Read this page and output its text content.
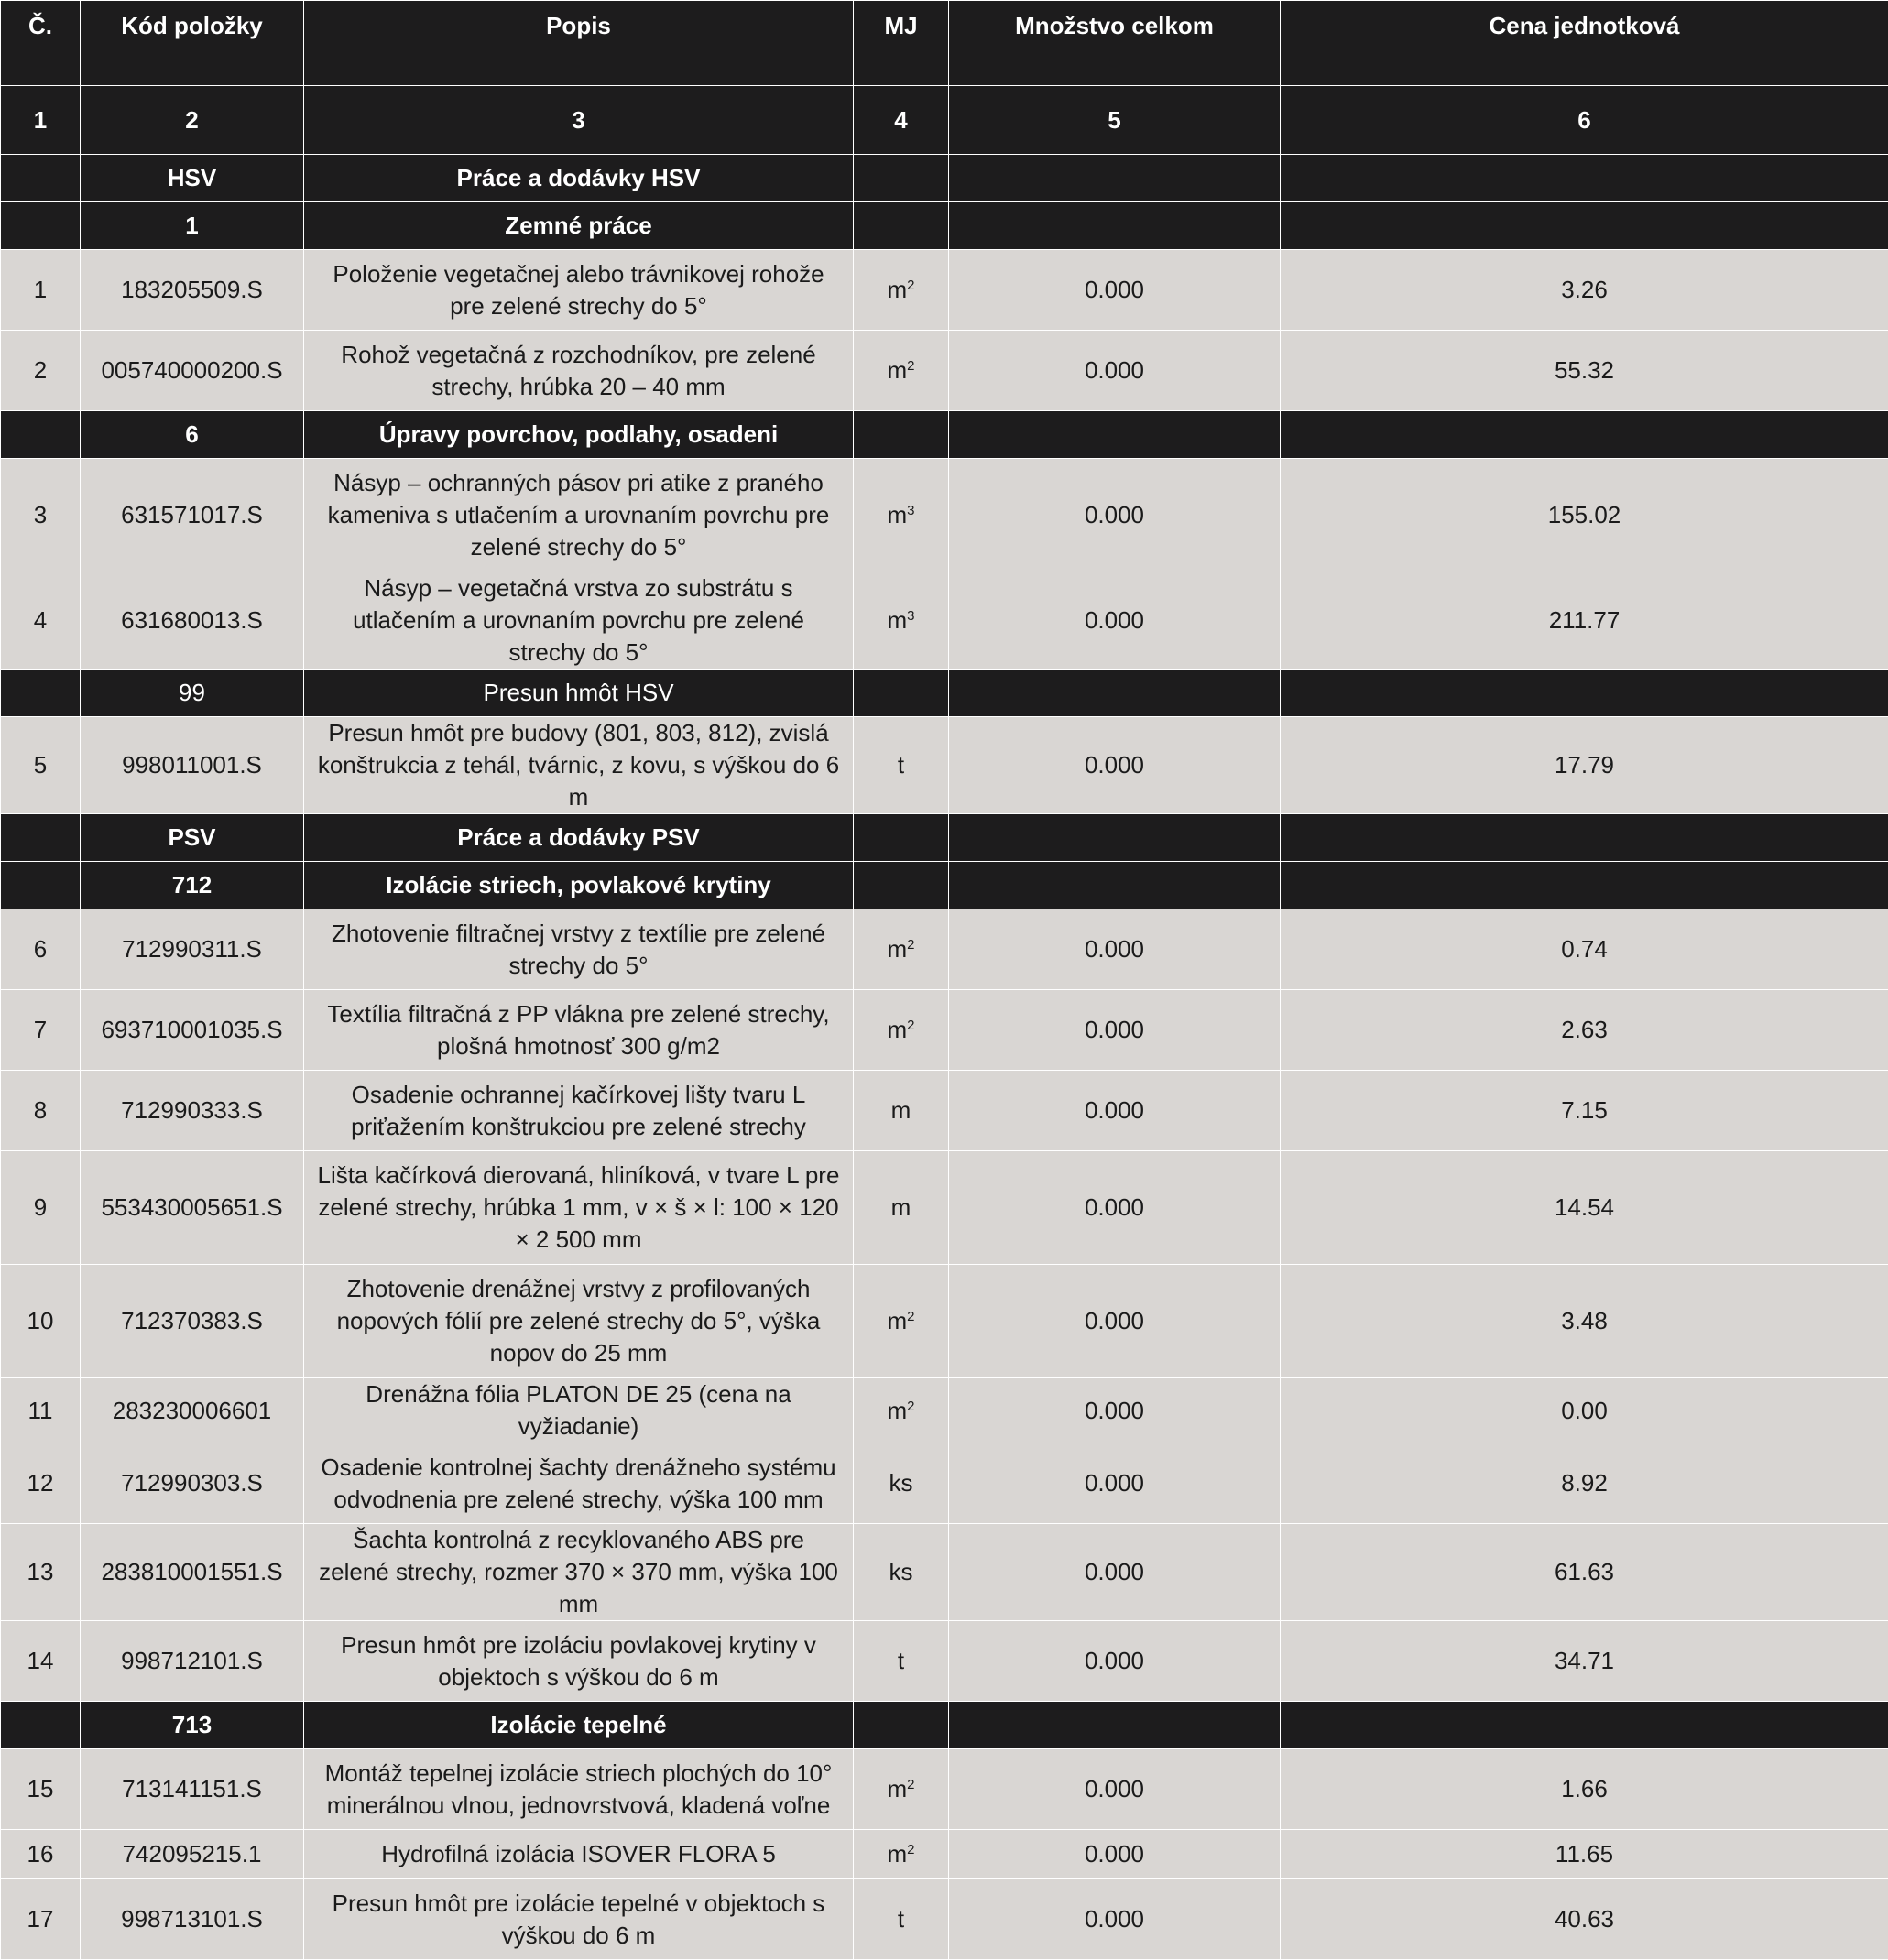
Č.	Kód položky	Popis	MJ	Množstvo celkom	Cena jednotková
1	2	3	4	5	6
	HSV	Práce a dodávky HSV			
	1	Zemné práce			
1	183205509.S	Položenie vegetačnej alebo trávnikovej rohože pre zelené strechy do 5°	$m^2$	0.000	3.26
2	005740000200.S	Rohož vegetačná z rozchodníkov, pre zelené strechy, hrúbka 20 – 40 mm	$m^2$	0.000	55.32
	6	Úpravy povrchov, podlahy, osadeni			
3	631571017.S	Násyp – ochranných pásov pri atike z praného kameniva s utlačením a urovnaním povrchu pre zelené strechy do 5°	$m^3$	0.000	155.02
4	631680013.S	Násyp – vegetačná vrstva zo substrátu s utlačením a urovnaním povrchu pre zelené strechy do 5°	$m^3$	0.000	211.77
	99	Presun hmôt HSV			
5	998011001.S	Presun hmôt pre budovy (801, 803, 812), zvislá konštrukcia z tehál, tvárnic, z kovu, s výškou do 6 m	t	0.000	17.79
	PSV	Práce a dodávky PSV			
	712	Izolácie striech, povlakové krytiny			
6	712990311.S	Zhotovenie filtračnej vrstvy z textílie pre zelené strechy do 5°	$m^2$	0.000	0.74
7	693710001035.S	Textília filtračná z PP vlákna pre zelené strechy, plošná hmotnosť 300 g/m2	$m^2$	0.000	2.63
8	712990333.S	Osadenie ochrannej kačírkovej lišty tvaru L priťažením konštrukciou pre zelené strechy	m	0.000	7.15
9	553430005651.S	Lišta kačírková dierovaná, hliníková, v tvare L pre zelené strechy, hrúbka 1 mm, v × š × l: 100 × 120 × 2 500 mm	m	0.000	14.54
10	712370383.S	Zhotovenie drenážnej vrstvy z profilovaných nopových fólií pre zelené strechy do 5°, výška nopov do 25 mm	$m^2$	0.000	3.48
11	283230006601	Drenážna fólia PLATON DE 25 (cena na vyžiadanie)	$m^2$	0.000	0.00
12	712990303.S	Osadenie kontrolnej šachty drenážneho systému odvodnenia pre zelené strechy, výška 100 mm	ks	0.000	8.92
13	283810001551.S	Šachta kontrolná z recyklovaného ABS pre zelené strechy, rozmer 370 × 370 mm, výška 100 mm	ks	0.000	61.63
14	998712101.S	Presun hmôt pre izoláciu povlakovej krytiny v objektoch s výškou do 6 m	t	0.000	34.71
	713	Izolácie tepelné			
15	713141151.S	Montáž tepelnej izolácie striech plochých do 10° minerálnou vlnou, jednovrstvová, kladená voľne	$m^2$	0.000	1.66
16	742095215.1	Hydrofilná izolácia ISOVER FLORA 5	$m^2$	0.000	11.65
17	998713101.S	Presun hmôt pre izolácie tepelné v objektoch s výškou do 6 m	t	0.000	40.63
